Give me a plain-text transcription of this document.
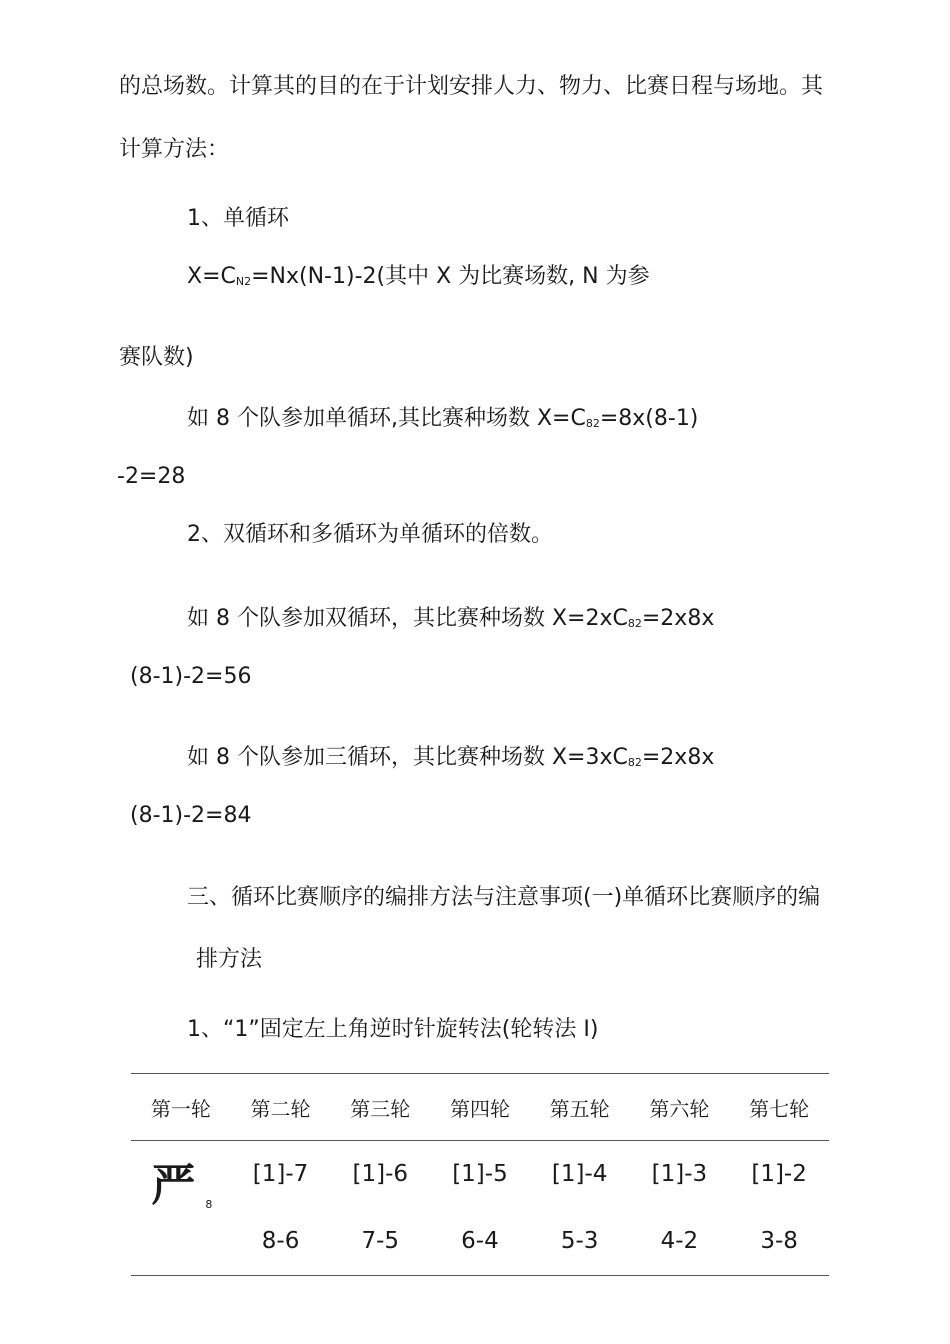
的总场数。计算其的目的在于计划安排人力、物力、比赛日程与场地。其
计算方法：
1、单循环
X=CN2=Nx(N-1)-2(其中 X 为比赛场数, N 为参
赛队数)
如 8 个队参加单循环,其比赛种场数 X=C82=8x(8-1)
-2=28
2、双循环和多循环为单循环的倍数。
如 8 个队参加双循环，其比赛种场数 X=2xC82=2x8x
(8-1)-2=56
如 8 个队参加三循环，其比赛种场数 X=3xC82=2x8x
(8-1)-2=84
三、循环比赛顺序的编排方法与注意事项(一)单循环比赛顺序的编
排方法
1、“1”固定左上角逆时针旋转法(轮转法 I)
第一轮	第二轮	第三轮	第四轮	第五轮	第六轮	第七轮
严 $_8$	[1]-7	[1]-6	[1]-5	[1]-4	[1]-3	[1]-2
	8-6	7-5	6-4	5-3	4-2	3-8
